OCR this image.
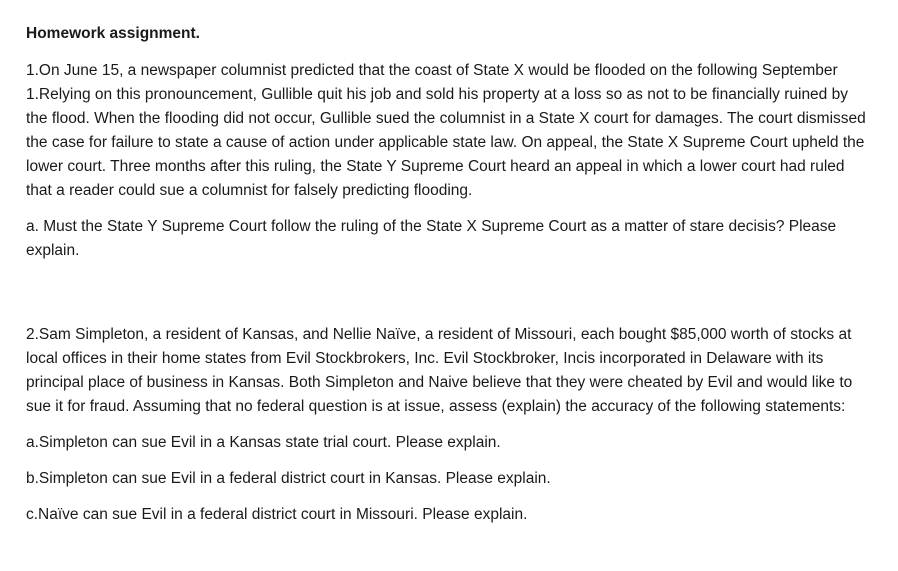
Homework assignment.

1.On June 15, a newspaper columnist predicted that the coast of State X would be flooded on the following September 1.Relying on this pronouncement, Gullible quit his job and sold his property at a loss so as not to be financially ruined by the flood. When the flooding did not occur, Gullible sued the columnist in a State X court for damages. The court dismissed the case for failure to state a cause of action under applicable state law. On appeal, the State X Supreme Court upheld the lower court. Three months after this ruling, the State Y Supreme Court heard an appeal in which a lower court had ruled that a reader could sue a columnist for falsely predicting flooding.

a. Must the State Y Supreme Court follow the ruling of the State X Supreme Court as a matter of stare decisis? Please explain.

2.Sam Simpleton, a resident of Kansas, and Nellie Naïve, a resident of Missouri, each bought $85,000 worth of stocks at local offices in their home states from Evil Stockbrokers, Inc. Evil Stockbroker, Incis incorporated in Delaware with its principal place of business in Kansas. Both Simpleton and Naive believe that they were cheated by Evil and would like to sue it for fraud. Assuming that no federal question is at issue, assess (explain) the accuracy of the following statements:

a.Simpleton can sue Evil in a Kansas state trial court. Please explain.

b.Simpleton can sue Evil in a federal district court in Kansas. Please explain.

c.Naïve can sue Evil in a federal district court in Missouri. Please explain.
